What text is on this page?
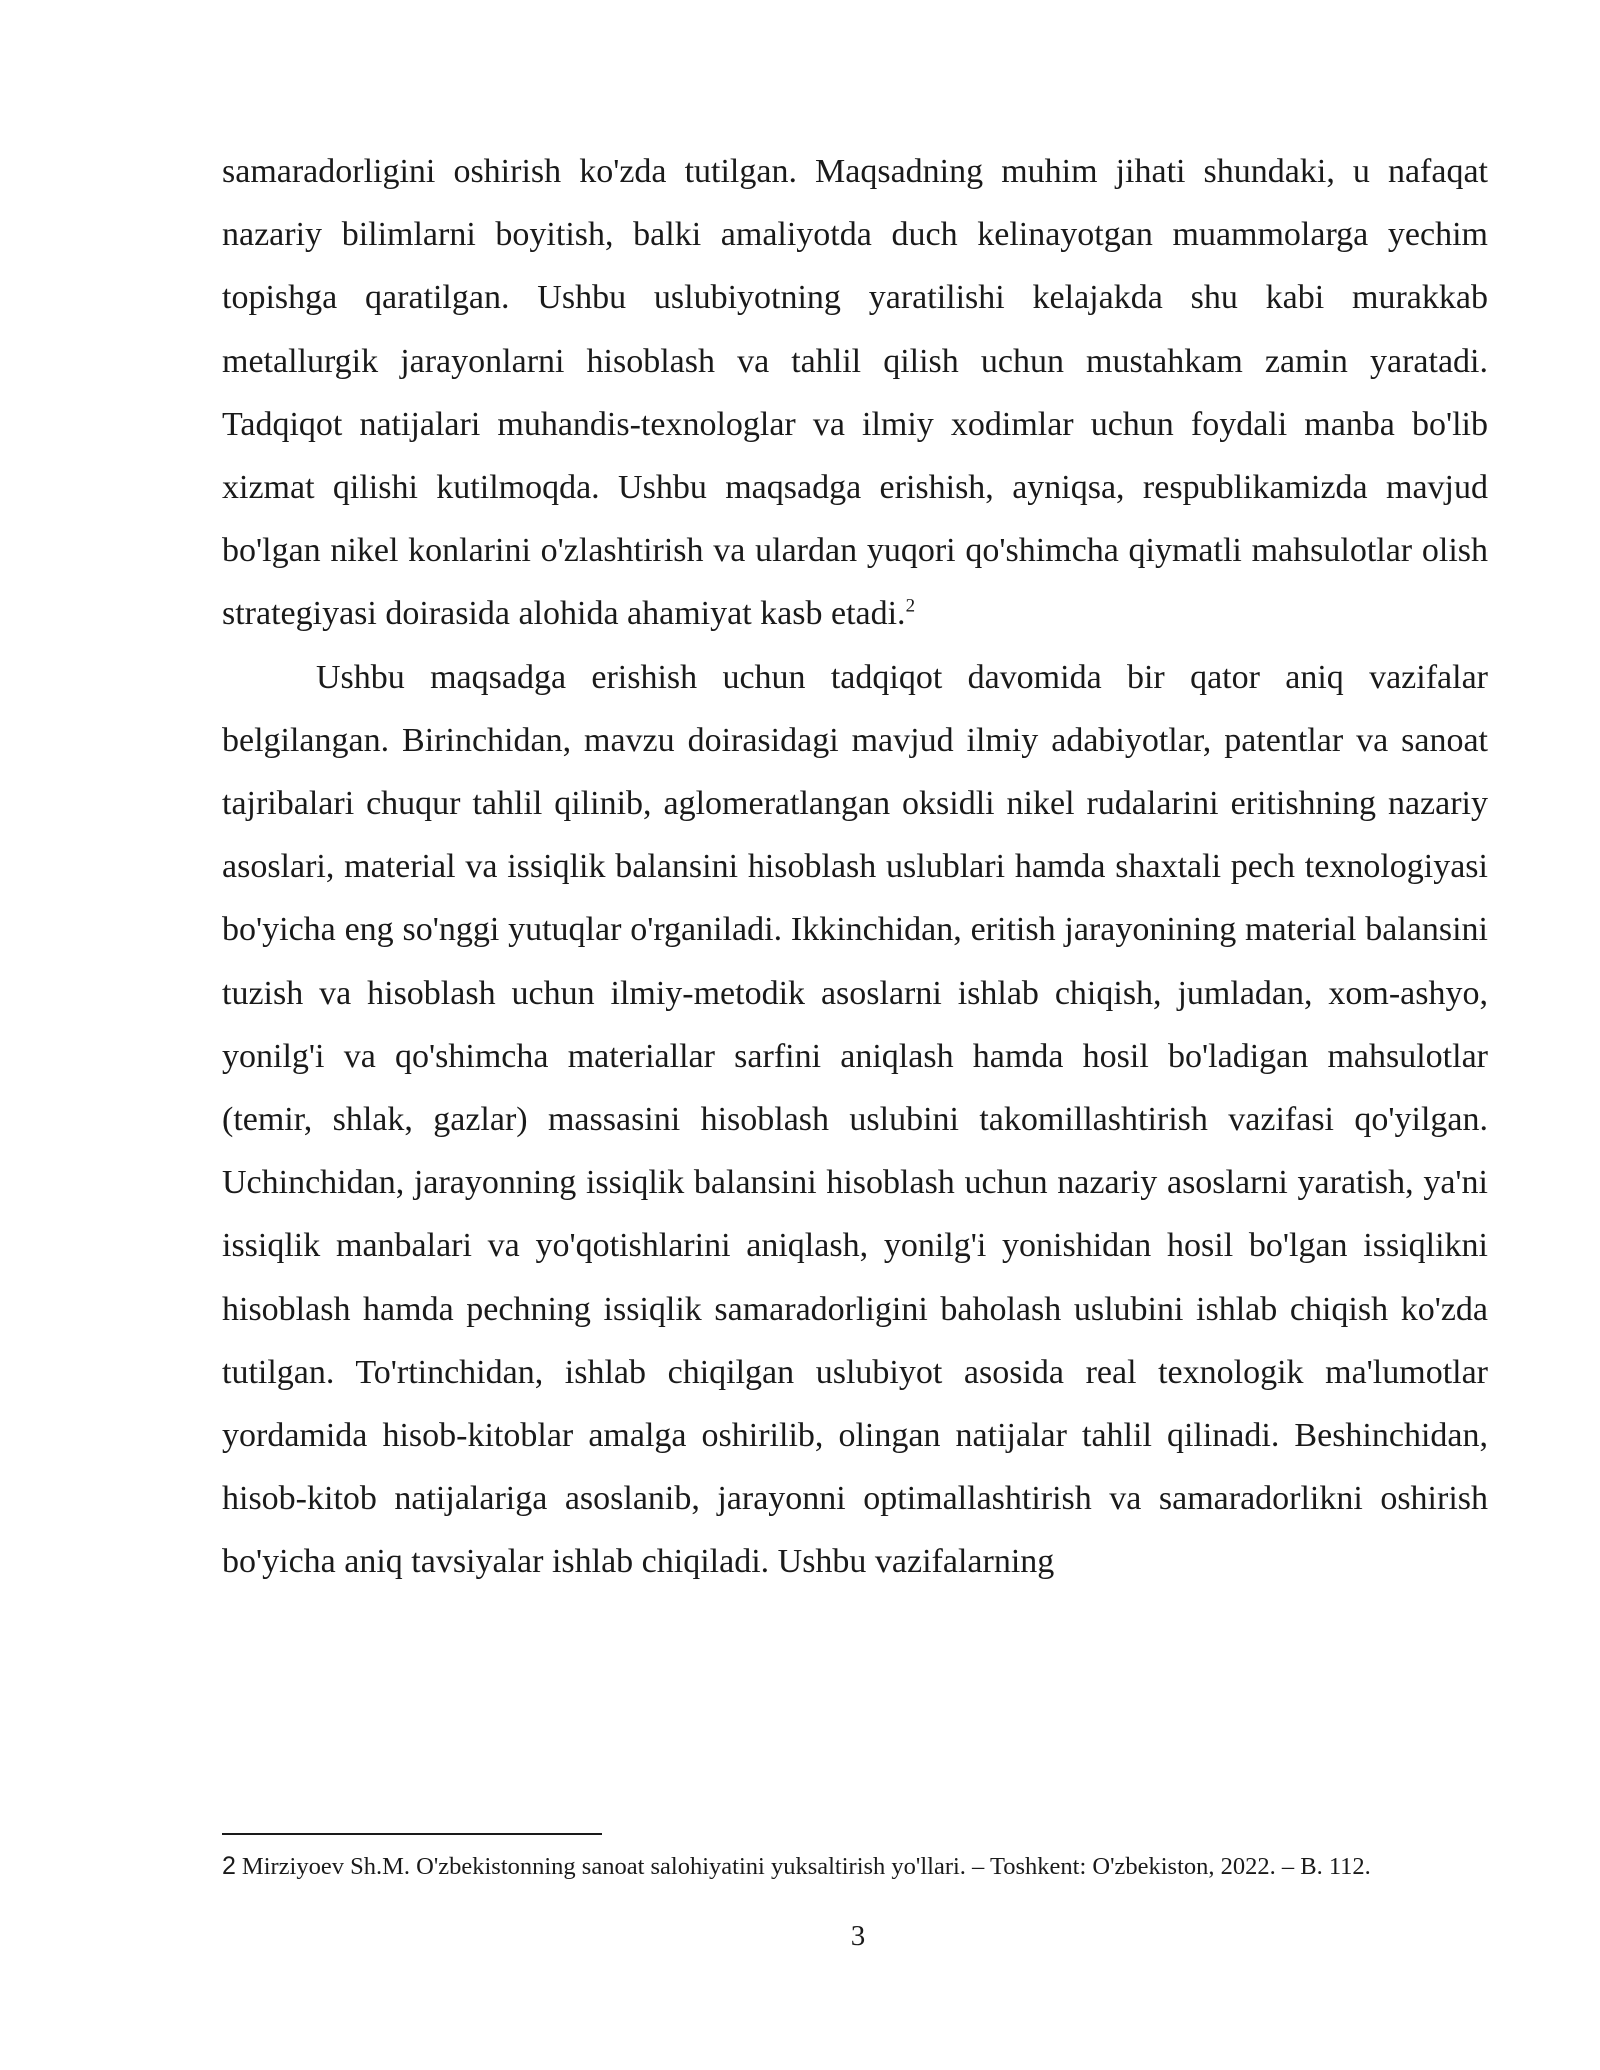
samaradorligini oshirish ko'zda tutilgan. Maqsadning muhim jihati shundaki, u nafaqat nazariy bilimlarni boyitish, balki amaliyotda duch kelinayotgan muammolarga yechim topishga qaratilgan. Ushbu uslubiyotning yaratilishi kelajakda shu kabi murakkab metallurgik jarayonlarni hisoblash va tahlil qilish uchun mustahkam zamin yaratadi. Tadqiqot natijalari muhandis-texnologlar va ilmiy xodimlar uchun foydali manba bo'lib xizmat qilishi kutilmoqda. Ushbu maqsadga erishish, ayniqsa, respublikamizda mavjud bo'lgan nikel konlarini o'zlashtirish va ulardan yuqori qo'shimcha qiymatli mahsulotlar olish strategiyasi doirasida alohida ahamiyat kasb etadi.$^2$

Ushbu maqsadga erishish uchun tadqiqot davomida bir qator aniq vazifalar belgilangan. Birinchidan, mavzu doirasidagi mavjud ilmiy adabiyotlar, patentlar va sanoat tajribalari chuqur tahlil qilinib, aglomeratlangan oksidli nikel rudalarini eritishning nazariy asoslari, material va issiqlik balansini hisoblash uslublari hamda shaxtali pech texnologiyasi bo'yicha eng so'nggi yutuqlar o'rganiladi. Ikkinchidan, eritish jarayonining material balansini tuzish va hisoblash uchun ilmiy-metodik asoslarni ishlab chiqish, jumladan, xom-ashyo, yonilg'i va qo'shimcha materiallar sarfini aniqlash hamda hosil bo'ladigan mahsulotlar (temir, shlak, gazlar) massasini hisoblash uslubini takomillashtirish vazifasi qo'yilgan. Uchinchidan, jarayonning issiqlik balansini hisoblash uchun nazariy asoslarni yaratish, ya'ni issiqlik manbalari va yo'qotishlarini aniqlash, yonilg'i yonishidan hosil bo'lgan issiqlikni hisoblash hamda pechning issiqlik samaradorligini baholash uslubini ishlab chiqish ko'zda tutilgan. To'rtinchidan, ishlab chiqilgan uslubiyot asosida real texnologik ma'lumotlar yordamida hisob-kitoblar amalga oshirilib, olingan natijalar tahlil qilinadi. Beshinchidan, hisob-kitob natijalariga asoslanib, jarayonni optimallashtirish va samaradorlikni oshirish bo'yicha aniq tavsiyalar ishlab chiqiladi. Ushbu vazifalarning

2 Mirziyoev Sh.M. O'zbekistonning sanoat salohiyatini yuksaltirish yo'llari. – Toshkent: O'zbekiston, 2022. – B. 112.
3
